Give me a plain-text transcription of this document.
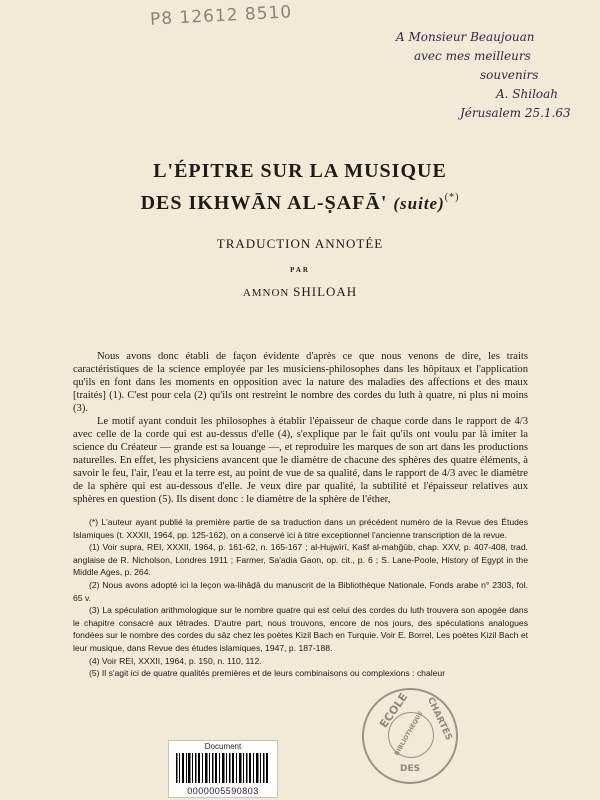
P8 12612 8510
A Monsieur Beaujouan
avec mes meilleurs
souvenirs
A. Shiloah
Jérusalem 25.1.63
L'ÉPITRE SUR LA MUSIQUE
DES IKHWĀN AL-ṢAFĀ' (suite)(*)
TRADUCTION ANNOTÉE
PAR
AMNON SHILOAH

Nous avons donc établi de façon évidente d'après ce que nous venons de dire, les traits caractéristiques de la science employée par les musiciens-philosophes dans les hôpitaux et l'application qu'ils en font dans les moments en opposition avec la nature des maladies des affections et des maux [traités] (1). C'est pour cela (2) qu'ils ont restreint le nombre des cordes du luth à quatre, ni plus ni moins (3).

Le motif ayant conduit les philosophes à établir l'épaisseur de chaque corde dans le rapport de 4/3 avec celle de la corde qui est au-dessus d'elle (4), s'explique par le fait qu'ils ont voulu par là imiter la science du Créateur — grande est sa louange —, et reproduire les marques de son art dans les productions naturelles. En effet, les physiciens avancent que le diamètre de chacune des sphères des quatre éléments, à savoir le feu, l'air, l'eau et la terre est, au point de vue de sa qualité, dans le rapport de 4/3 avec le diamètre de la sphère qui est au-dessous d'elle. Je veux dire par qualité, la subtilité et l'épaisseur relatives aux sphères en question (5). Ils disent donc : le diamètre de la sphère de l'éther,

(*) L'auteur ayant publié la première partie de sa traduction dans un précédent numéro de la Revue des Études Islamiques (t. XXXII, 1964, pp. 125-162), on a conservé ici à titre exceptionnel l'ancienne transcription de la revue.

(1) Voir supra, REI, XXXII, 1964, p. 161-62, n. 165-167 ; al-Hujwīrī, Kašf al-maḥǧūb, chap. XXV, p. 407-408, trad. anglaise de R. Nicholson, Londres 1911 ; Farmer, Sa'adia Gaon, op. cit., p. 6 ; S. Lane-Poole, History of Egypt in the Middle Ages, p. 264.

(2) Nous avons adopté ici la leçon wa-lihāḏā du manuscrit de la Bibliothèque Nationale, Fonds arabe n° 2303, fol. 65 v.

(3) La spéculation arithmologique sur le nombre quatre qui est celui des cordes du luth trouvera son apogée dans le chapitre consacré aux tétrades. D'autre part, nous trouvons, encore de nos jours, des spéculations analogues fondées sur le nombre des cordes du sāz chez les poètes Kizil Bach en Turquie. Voir E. Borrel, Les poètes Kizil Bach et leur musique, dans Revue des études islamiques, 1947, p. 187-188.

(4) Voir REI, XXXII, 1964, p. 150, n. 110, 112.

(5) Il s'agit ici de quatre qualités premières et de leurs combinaisons ou complexions : chaleur

ECOLE
BIBLIOTHÈQUE CHARTES
DES
Document
0000005590803
